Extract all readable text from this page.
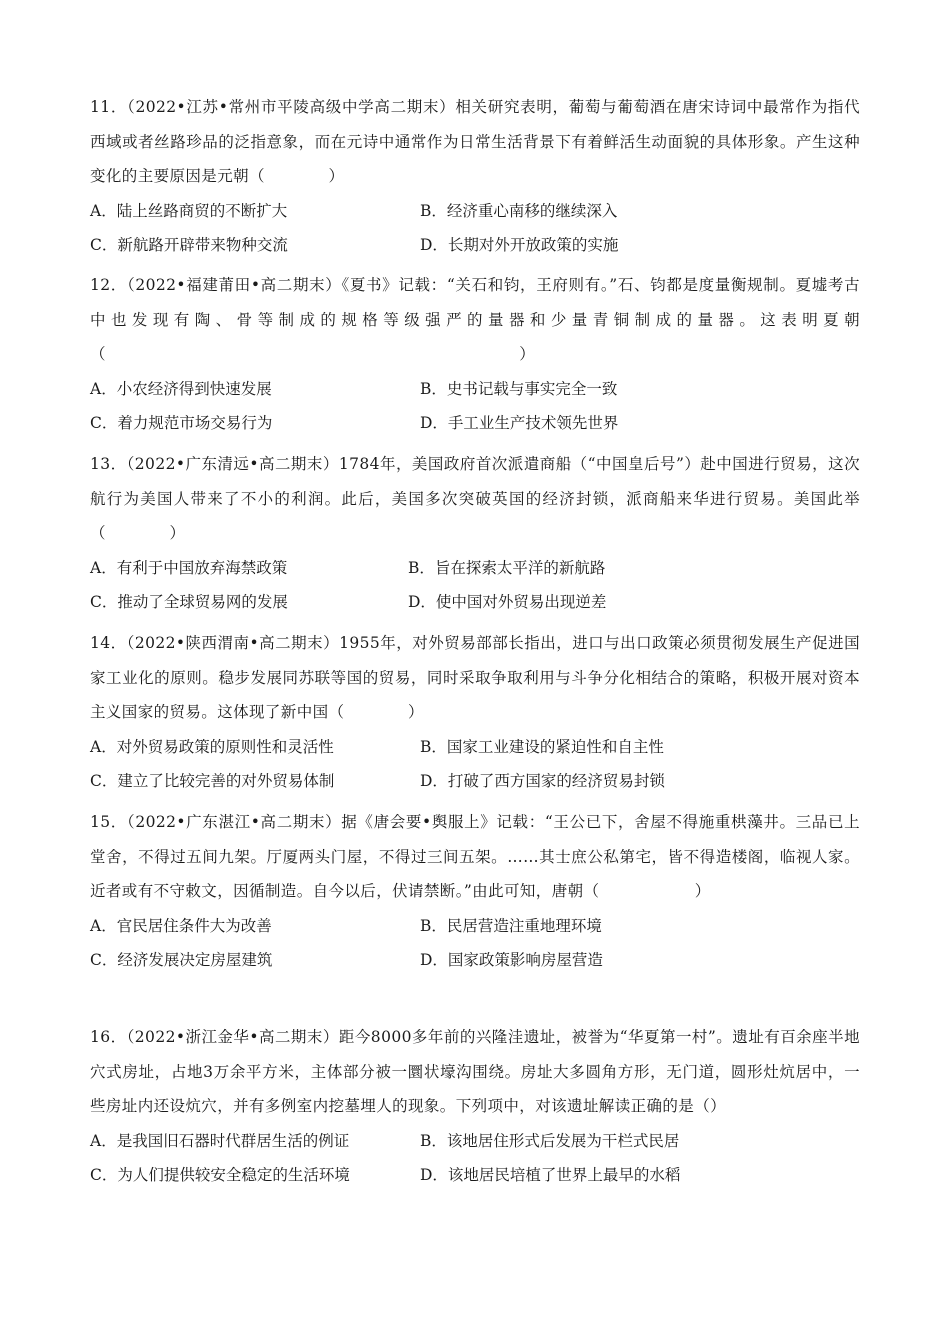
11．（2022•江苏•常州市平陵高级中学高二期末）相关研究表明，葡萄与葡萄酒在唐宋诗词中最常作为指代西域或者丝路珍品的泛指意象，而在元诗中通常作为日常生活背景下有着鲜活生动面貌的具体形象。产生这种变化的主要原因是元朝（　　　　）

A．陆上丝路商贸的不断扩大	B．经济重心南移的继续深入
C．新航路开辟带来物种交流	D．长期对外开放政策的实施

12．（2022•福建莆田•高二期末）《夏书》记载：“关石和钧，王府则有。”石、钧都是度量衡规制。夏墟考古中也发现有陶、骨等制成的规格等级强严的量器和少量青铜制成的量器。这表明夏朝（　　　　　　　　　　　　　　　　　　　　　　　　　　）

A．小农经济得到快速发展	B．史书记载与事实完全一致
C．着力规范市场交易行为	D．手工业生产技术领先世界

13．（2022•广东清远•高二期末）1784年，美国政府首次派遣商船（“中国皇后号”）赴中国进行贸易，这次航行为美国人带来了不小的利润。此后，美国多次突破英国的经济封锁，派商船来华进行贸易。美国此举（　　　　）

A．有利于中国放弃海禁政策	B．旨在探索太平洋的新航路
C．推动了全球贸易网的发展	D．使中国对外贸易出现逆差

14．（2022•陕西渭南•高二期末）1955年，对外贸易部部长指出，进口与出口政策必须贯彻发展生产促进国家工业化的原则。稳步发展同苏联等国的贸易，同时采取争取利用与斗争分化相结合的策略，积极开展对资本主义国家的贸易。这体现了新中国（　　　　）

A．对外贸易政策的原则性和灵活性	B．国家工业建设的紧迫性和自主性
C．建立了比较完善的对外贸易体制	D．打破了西方国家的经济贸易封锁

15．（2022•广东湛江•高二期末）据《唐会要•舆服上》记载：“王公已下，舍屋不得施重栱藻井。三品已上堂舍，不得过五间九架。厅厦两头门屋，不得过三间五架。……其士庶公私第宅，皆不得造楼阁，临视人家。近者或有不守敕文，因循制造。自今以后，伏请禁断。”由此可知，唐朝（　　　　　　）

A．官民居住条件大为改善	B．民居营造注重地理环境
C．经济发展决定房屋建筑	D．国家政策影响房屋营造

16．（2022•浙江金华•高二期末）距今8000多年前的兴隆洼遗址，被誉为“华夏第一村”。遗址有百余座半地穴式房址，占地3万余平方米，主体部分被一圜状壕沟围绕。房址大多圆角方形，无门道，圆形灶炕居中，一些房址内还设炕穴，并有多例室内挖墓埋人的现象。下列项中，对该遗址解读正确的是（）

A．是我国旧石器时代群居生活的例证	B．该地居住形式后发展为干栏式民居
C．为人们提供较安全稳定的生活环境	D．该地居民培植了世界上最早的水稻
